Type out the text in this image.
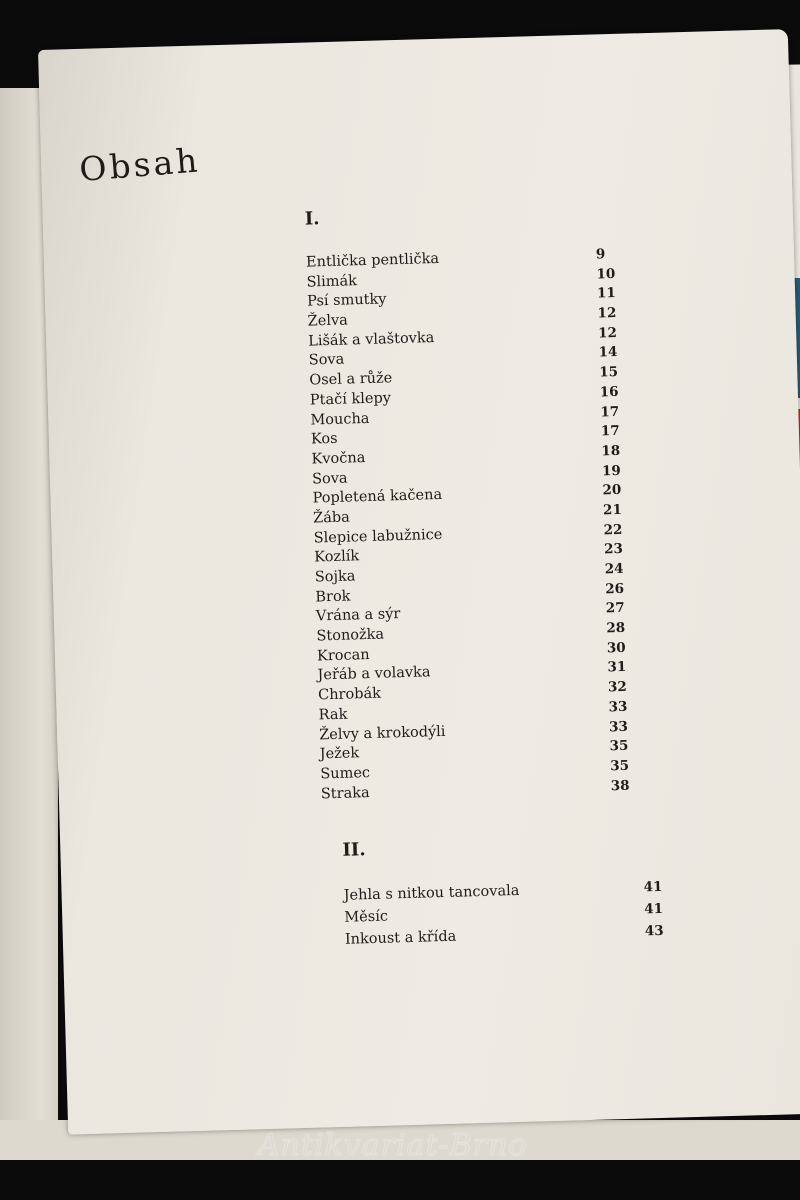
Obsah
I.
Entlička pentlička	9
Slimák	10
Psí smutky	11
Želva	12
Lišák a vlaštovka	12
Sova	14
Osel a růže	15
Ptačí klepy	16
Moucha	17
Kos	17
Kvočna	18
Sova	19
Popletená kačena	20
Žába	21
Slepice labužnice	22
Kozlík	23
Sojka	24
Brok	26
Vrána a sýr	27
Stonožka	28
Krocan	30
Jeřáb a volavka	31
Chrobák	32
Rak	33
Želvy a krokodýli	33
Ježek	35
Sumec	35
Straka	38
II.
Jehla s nitkou tancovala	41
Měsíc	41
Inkoust a křída	43
Antikvariat-Brno
